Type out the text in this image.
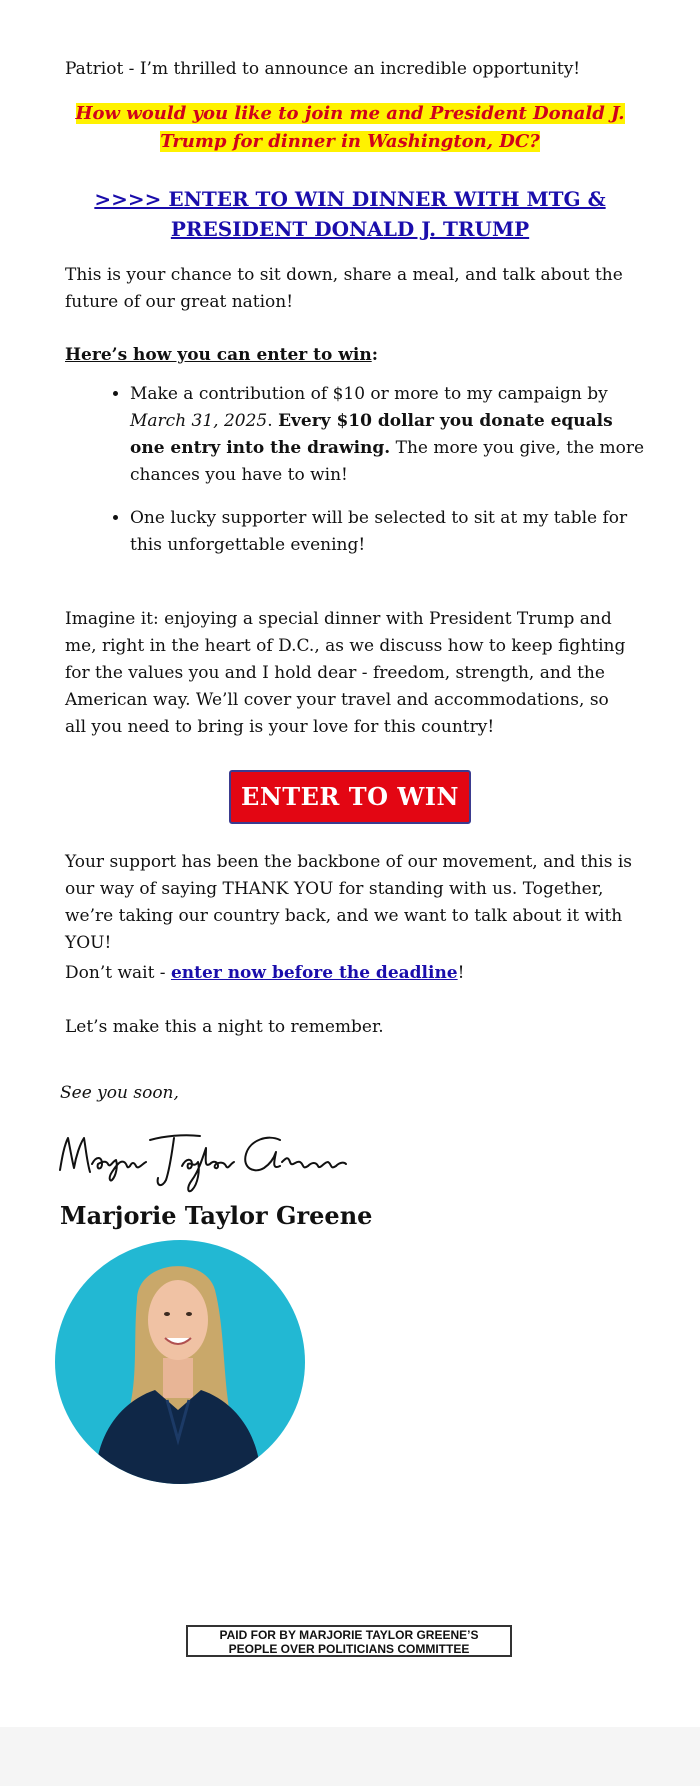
Patriot - I’m thrilled to announce an incredible opportunity!

How would you like to join me and President Donald J.
Trump for dinner in Washington, DC?
>>>> ENTER TO WIN DINNER WITH MTG &
PRESIDENT DONALD J. TRUMP

This is your chance to sit down, share a meal, and talk about the future of our great nation!

Here’s how you can enter to win:

• Make a contribution of $10 or more to my campaign by March 31, 2025. Every $10 dollar you donate equals one entry into the drawing. The more you give, the more chances you have to win!
• One lucky supporter will be selected to sit at my table for this unforgettable evening!

Imagine it: enjoying a special dinner with President Trump and me, right in the heart of D.C., as we discuss how to keep fighting for the values you and I hold dear - freedom, strength, and the American way. We’ll cover your travel and accommodations, so all you need to bring is your love for this country!

ENTER TO WIN

Your support has been the backbone of our movement, and this is our way of saying THANK YOU for standing with us. Together, we’re taking our country back, and we want to talk about it with YOU!

Don’t wait - enter now before the deadline!

Let’s make this a night to remember.

See you soon,

Marjorie Taylor Greene
PAID FOR BY MARJORIE TAYLOR GREENE’S
PEOPLE OVER POLITICIANS COMMITTEE
